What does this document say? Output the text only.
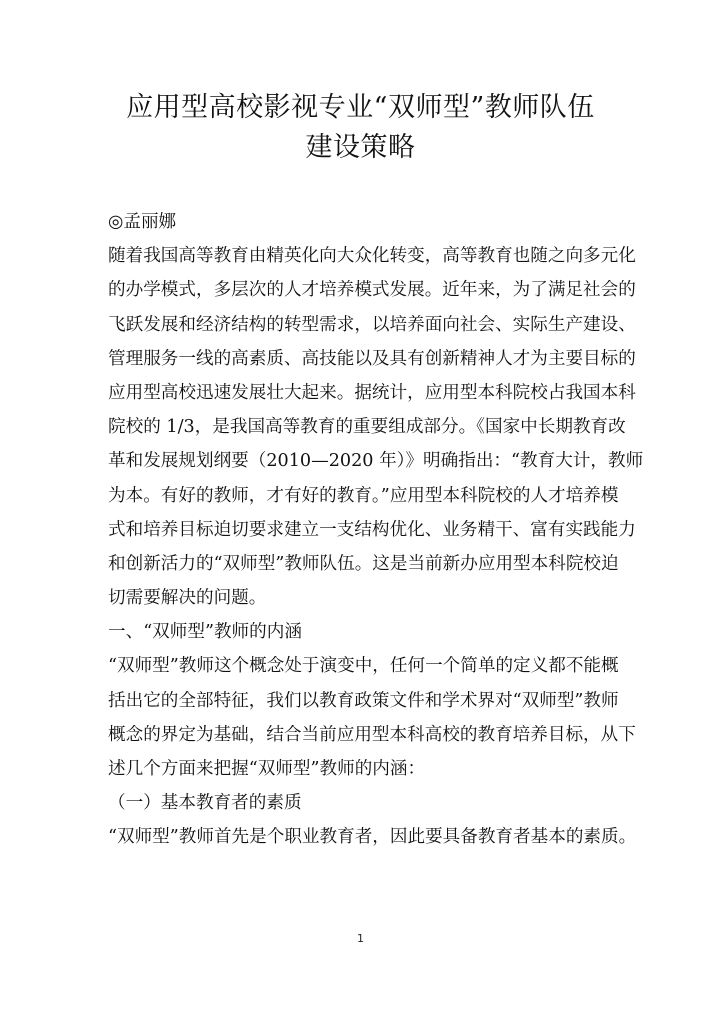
应用型高校影视专业“双师型”教师队伍
建设策略
◎孟丽娜
随着我国高等教育由精英化向大众化转变，高等教育也随之向多元化
的办学模式，多层次的人才培养模式发展。近年来，为了满足社会的
飞跃发展和经济结构的转型需求，以培养面向社会、实际生产建设、
管理服务一线的高素质、高技能以及具有创新精神人才为主要目标的
应用型高校迅速发展壮大起来。据统计，应用型本科院校占我国本科
院校的 1/3，是我国高等教育的重要组成部分。《国家中长期教育改
革和发展规划纲要（2010—2020 年）》明确指出：“教育大计，教师
为本。有好的教师，才有好的教育。”应用型本科院校的人才培养模
式和培养目标迫切要求建立一支结构优化、业务精干、富有实践能力
和创新活力的“双师型”教师队伍。这是当前新办应用型本科院校迫
切需要解决的问题。
一、“双师型”教师的内涵
“双师型”教师这个概念处于演变中，任何一个简单的定义都不能概
括出它的全部特征，我们以教育政策文件和学术界对“双师型”教师
概念的界定为基础，结合当前应用型本科高校的教育培养目标，从下
述几个方面来把握“双师型”教师的内涵：
（一）基本教育者的素质
“双师型”教师首先是个职业教育者，因此要具备教育者基本的素质。
1
